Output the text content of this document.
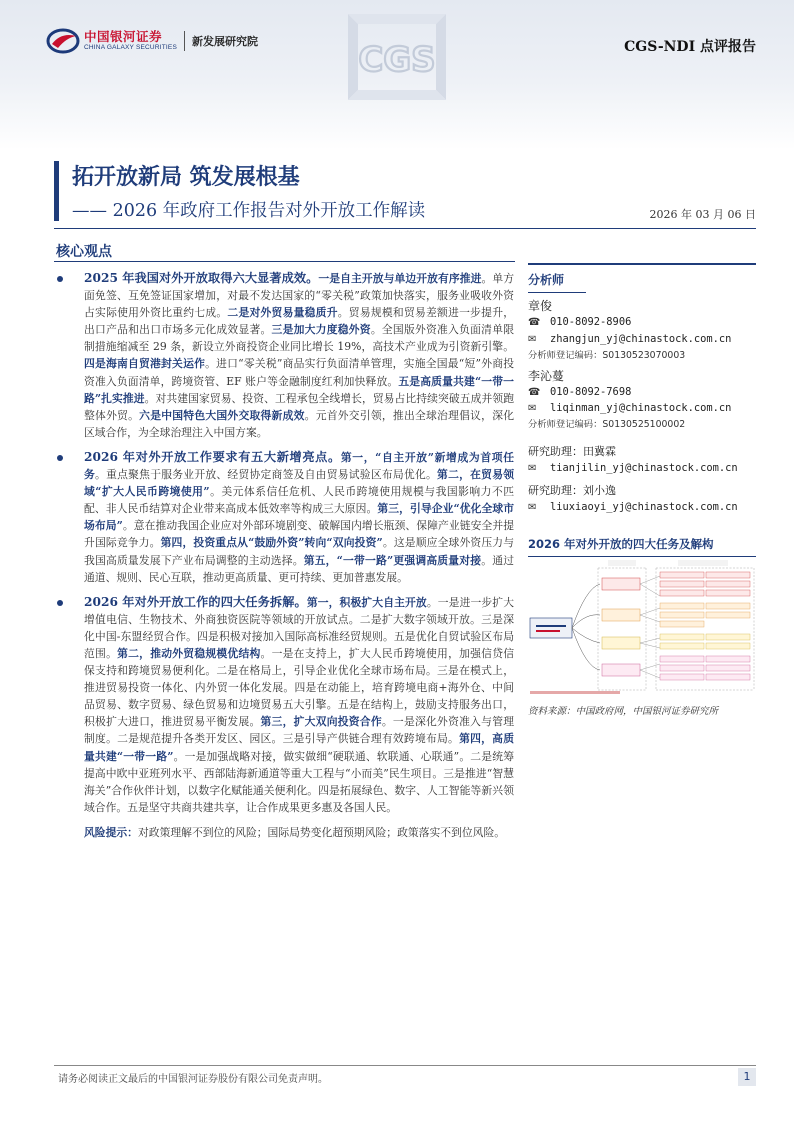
中国银河证券
CHINA GALAXY SECURITIES 新发展研究院	CGS	CGS-NDI 点评报告
拓开放新局 筑发展根基
—— 2026 年政府工作报告对外开放工作解读	2026 年 03 月 06 日
核心观点
2025 年我国对外开放取得六大显著成效。一是自主开放与单边开放有序推进。单方面免签、互免签证国家增加，对最不发达国家的“零关税”政策加快落实，服务业吸收外资占实际使用外资比重约七成。二是对外贸易量稳质升。贸易规模和贸易差额进一步提升，出口产品和出口市场多元化成效显著。三是加大力度稳外资。全国版外资准入负面清单限制措施缩减至 29 条，新设立外商投资企业同比增长 19%，高技术产业成为引资新引擎。四是海南自贸港封关运作。进口“零关税”商品实行负面清单管理，实施全国最“短”外商投资准入负面清单，跨境资管、EF 账户等金融制度红利加快释放。五是高质量共建“一带一路”扎实推进。对共建国家贸易、投资、工程承包全线增长，贸易占比持续突破五成并领跑整体外贸。六是中国特色大国外交取得新成效。元首外交引领，推出全球治理倡议，深化区域合作，为全球治理注入中国方案。
2026 年对外开放工作要求有五大新增亮点。第一，“自主开放”新增成为首项任务。重点聚焦于服务业开放、经贸协定商签及自由贸易试验区布局优化。第二，在贸易领域“扩大人民币跨境使用”。美元体系信任危机、人民币跨境使用规模与我国影响力不匹配、非人民币结算对企业带来高成本低效率等构成三大原因。第三，引导企业“优化全球市场布局”。意在推动我国企业应对外部环境剧变、破解国内增长瓶颈、保障产业链安全并提升国际竞争力。第四，投资重点从“鼓励外资”转向“双向投资”。这是顺应全球外资压力与我国高质量发展下产业布局调整的主动选择。第五，“一带一路”更强调高质量对接。通过通道、规则、民心互联，推动更高质量、更可持续、更加普惠发展。
2026 年对外开放工作的四大任务拆解。第一，积极扩大自主开放。一是进一步扩大增值电信、生物技术、外商独资医院等领域的开放试点。二是扩大数字领域开放。三是深化中国-东盟经贸合作。四是积极对接加入国际高标准经贸规则。五是优化自贸试验区布局范围。第二，推动外贸稳规模优结构。一是在支持上，扩大人民币跨境使用，加强信贷信保支持和跨境贸易便利化。二是在格局上，引导企业优化全球市场布局。三是在模式上，推进贸易投资一体化、内外贸一体化发展。四是在动能上，培育跨境电商+海外仓、中间品贸易、数字贸易、绿色贸易和边境贸易五大引擎。五是在结构上，鼓励支持服务出口，积极扩大进口，推进贸易平衡发展。第三，扩大双向投资合作。一是深化外资准入与管理制度。二是规范提升各类开发区、园区。三是引导产供链合理有效跨境布局。第四，高质量共建“一带一路”。一是加强战略对接，做实做细“硬联通、软联通、心联通”。二是统筹提高中欧中亚班列水平、西部陆海新通道等重大工程与“小而美”民生项目。三是推进“智慧海关”合作伙伴计划，以数字化赋能通关便利化。四是拓展绿色、数字、人工智能等新兴领域合作。五是坚守共商共建共享，让合作成果更多惠及各国人民。
风险提示：对政策理解不到位的风险；国际局势变化超预期风险；政策落实不到位风险。
分析师
章俊
☎ 010-8092-8906
✉	zhangjun_yj@chinastock.com.cn
分析师登记编码：S0130523070003
李沁蔓
☎ 010-8092-7698
✉	liqinman_yj@chinastock.com.cn
分析师登记编码：S0130525100002
研究助理：田冀霖
✉	tianjilin_yj@chinastock.com.cn
研究助理：刘小逸
✉	liuxiaoyi_yj@chinastock.com.cn
2026 年对外开放的四大任务及解构
资料来源：中国政府网，中国银河证券研究所
请务必阅读正文最后的中国银河证券股份有限公司免责声明。	1
